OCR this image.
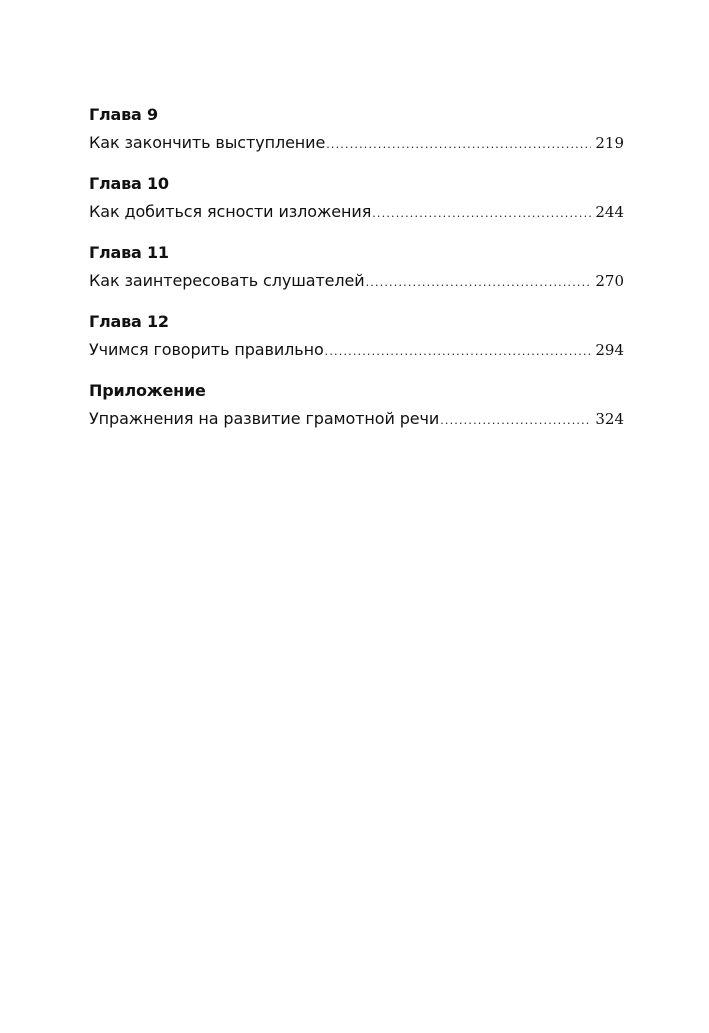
Глава 9
Как закончить выступление .....	219
Глава 10
Как добиться ясности изложения .....	244
Глава 11
Как заинтересовать слушателей .....	270
Глава 12
Учимся говорить правильно .....	294
Приложение
Упражнения на развитие грамотной речи .....	324
